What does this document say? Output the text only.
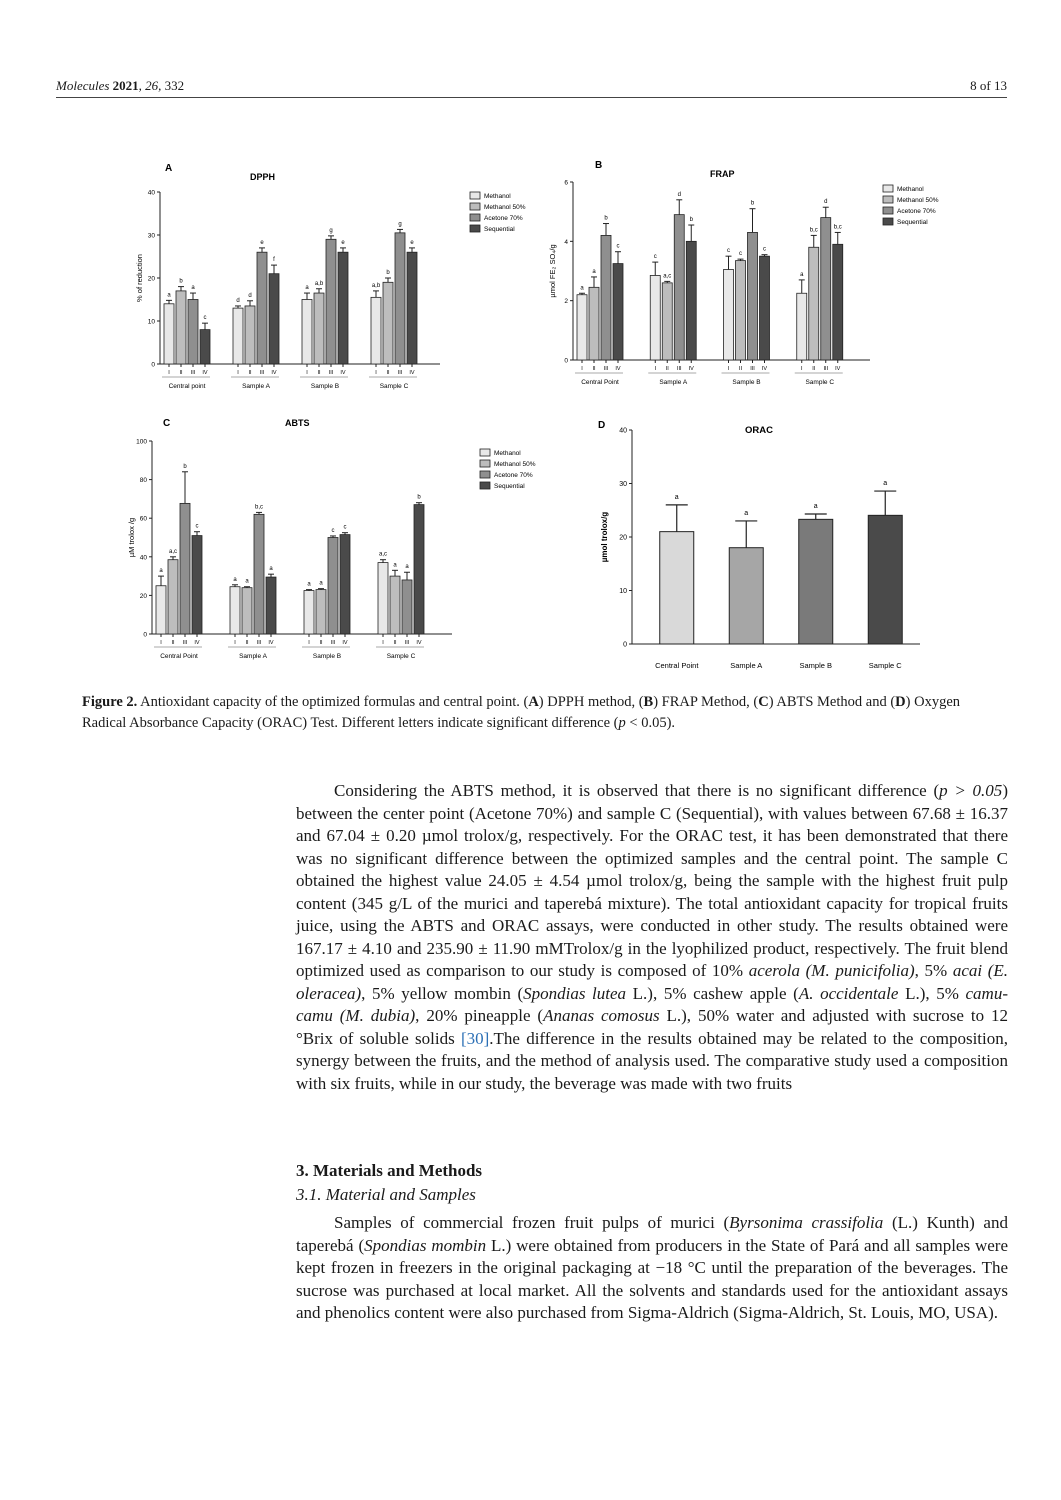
Molecules 2021, 26, 332	8 of 13
A
DPPH
0
10
20
30
40
% of reduction	a
I
b
II
a
III
c
IV
Central point
d
I
d
II
e
III
f
IV
Sample A
a
I
a,b
II
g
III
e
IV
Sample B
a,b
I
b
II
g
III
e
IV
Sample C
Methanol
Methanol 50%
Acetone 70%
Sequential
B
FRAP
0
2
4
6
µmol FE₂ SO₄/g	a
I
a
II
b
III
c
IV
Central Point
c
I
a,c
II
d
III
b
IV
Sample A
c
I
c
II
b
III
c
IV
Sample B
a
I
b,c
II
d
III
b,c
IV
Sample C
Methanol
Methanol 50%
Acetone 70%
Sequential
C	ABTS
0
20
40
60
80
100
µM trolox /g
a
I
a,c
II
b
III
c
IV
Central Point
a
I
a
II
b,c
III
a
IV
Sample A
a
I
a
II
c
III
c
IV
Sample B
a,c
I
a
II
a
III
b
IV
Sample C
Methanol
Methanol 50%
Acetone 70%
Sequential
D	ORAC
0
10
20
30
40
µmol trolox/g
a
Central Point
a
Sample A
a
Sample B
a
Sample C
Figure 2. Antioxidant capacity of the optimized formulas and central point. (A) DPPH method, (B) FRAP Method, (C) ABTS Method and (D) Oxygen Radical Absorbance Capacity (ORAC) Test. Different letters indicate significant difference (p < 0.05).

Considering the ABTS method, it is observed that there is no significant difference (p > 0.05) between the center point (Acetone 70%) and sample C (Sequential), with values between 67.68 ± 16.37 and 67.04 ± 0.20 µmol trolox/g, respectively. For the ORAC test, it has been demonstrated that there was no significant difference between the optimized samples and the central point. The sample C obtained the highest value 24.05 ± 4.54 µmol trolox/g, being the sample with the highest fruit pulp content (345 g/L of the murici and taperebá mixture). The total antioxidant capacity for tropical fruits juice, using the ABTS and ORAC assays, were conducted in other study. The results obtained were 167.17 ± 4.10 and 235.90 ± 11.90 mMTrolox/g in the lyophilized product, respectively. The fruit blend optimized used as comparison to our study is composed of 10% acerola (M. punicifolia), 5% acai (E. oleracea), 5% yellow mombin (Spondias lutea L.), 5% cashew apple (A. occidentale L.), 5% camu-camu (M. dubia), 20% pineapple (Ananas comosus L.), 50% water and adjusted with sucrose to 12 °Brix of soluble solids [30].The difference in the results obtained may be related to the composition, synergy between the fruits, and the method of analysis used. The comparative study used a composition with six fruits, while in our study, the beverage was made with two fruits

3. Materials and Methods
3.1. Material and Samples

Samples of commercial frozen fruit pulps of murici (Byrsonima crassifolia (L.) Kunth) and taperebá (Spondias mombin L.) were obtained from producers in the State of Pará and all samples were kept frozen in freezers in the original packaging at −18 °C until the preparation of the beverages. The sucrose was purchased at local market. All the solvents and standards used for the antioxidant assays and phenolics content were also purchased from Sigma-Aldrich (Sigma-Aldrich, St. Louis, MO, USA).
